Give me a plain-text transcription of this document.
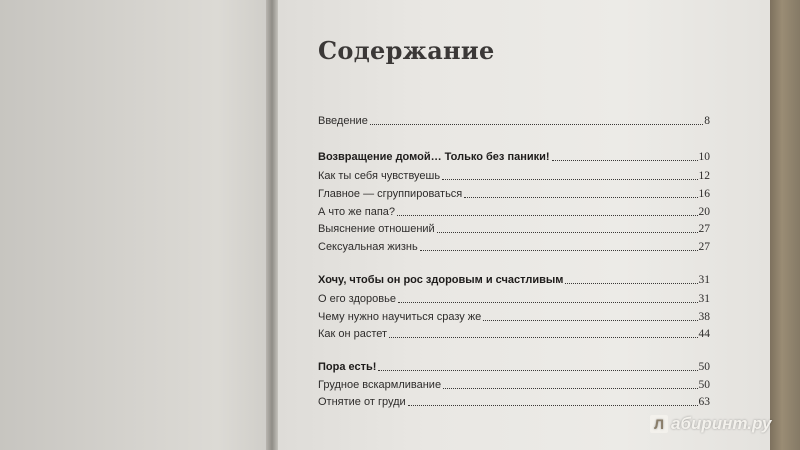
Содержание
Введение	8
Возвращение домой… Только без паники!	10
Как ты себя чувствуешь	12
Главное — сгруппироваться	16
А что же папа?	20
Выяснение отношений	27
Сексуальная жизнь	27
Хочу, чтобы он рос здоровым и счастливым	31
О его здоровье	31
Чему нужно научиться сразу же	38
Как он растет	44
Пора есть!	50
Грудное вскармливание	50
Отнятие от груди	63
Л абиринт.ру
